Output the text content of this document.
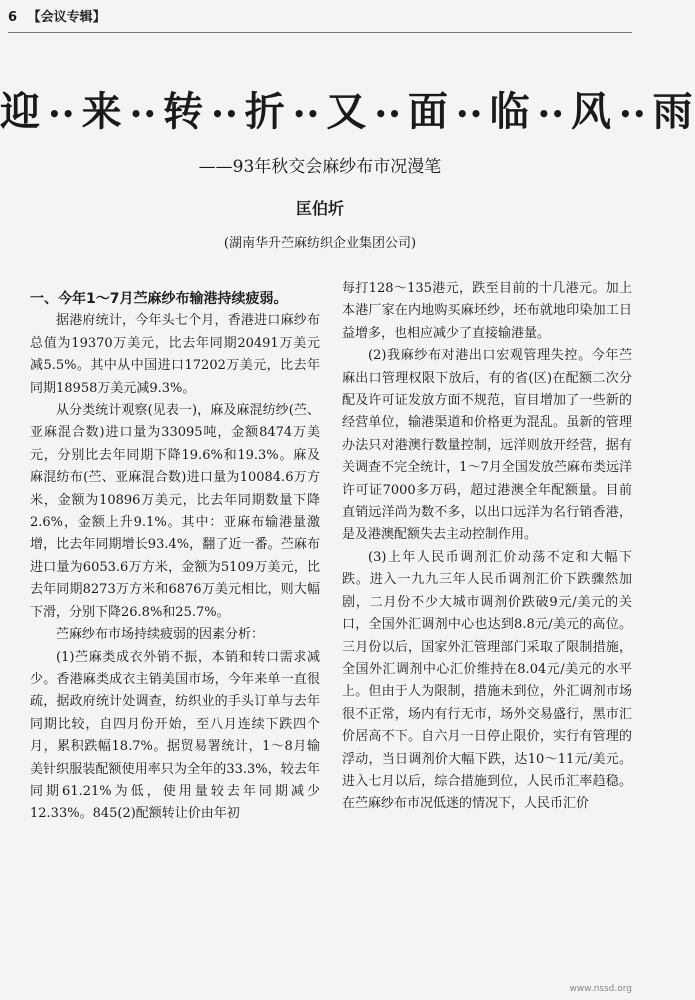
6 【会议专辑】
迎 •• 来 •• 转 •• 折 •• 又 •• 面 •• 临 •• 风 •• 雨
——93年秋交会麻纱布市况漫笔
匡伯圻
(湖南华升苎麻纺织企业集团公司)

一、今年1～7月苎麻纱布输港持续疲弱。

据港府统计，今年头七个月，香港进口麻纱布总值为19370万美元，比去年同期20491万美元减5.5%。其中从中国进口17202万美元，比去年同期18958万美元减9.3%。

从分类统计观察(见表一)，麻及麻混纺纱(苎、亚麻混合数)进口量为33095吨，金额8474万美元，分别比去年同期下降19.6%和19.3%。麻及麻混纺布(苎、亚麻混合数)进口量为10084.6万方米，金额为10896万美元，比去年同期数量下降2.6%，金额上升9.1%。其中：亚麻布输港量激增，比去年同期增长93.4%，翻了近一番。苎麻布进口量为6053.6万方米，金额为5109万美元，比去年同期8273万方米和6876万美元相比，则大幅下滑，分别下降26.8%和25.7%。

苎麻纱布市场持续疲弱的因素分析：

(1)苎麻类成衣外销不振，本销和转口需求减少。香港麻类成衣主销美国市场，今年来单一直很疏，据政府统计处调查，纺织业的手头订单与去年同期比较，自四月份开始，至八月连续下跌四个月，累积跌幅18.7%。据贸易署统计，1～8月输美针织服装配额使用率只为全年的33.3%，较去年同期61.21%为低，使用量较去年同期减少12.33%。845(2)配额转让价由年初

每打128～135港元，跌至目前的十几港元。加上本港厂家在内地购买麻坯纱，坯布就地印染加工日益增多，也相应减少了直接输港量。

(2)我麻纱布对港出口宏观管理失控。今年苎麻出口管理权限下放后，有的省(区)在配额二次分配及许可证发放方面不规范，盲目增加了一些新的经营单位，输港渠道和价格更为混乱。虽新的管理办法只对港澳行数量控制，远洋则放开经营，据有关调查不完全统计，1～7月全国发放苎麻布类远洋许可证7000多万码，超过港澳全年配额量。目前直销远洋尚为数不多，以出口远洋为名行销香港，是及港澳配额失去主动控制作用。

(3)上年人民币调剂汇价动荡不定和大幅下跌。进入一九九三年人民币调剂汇价下跌骤然加剧，二月份不少大城市调剂价跌破9元/美元的关口，全国外汇调剂中心也达到8.8元/美元的高位。三月份以后，国家外汇管理部门采取了限制措施，全国外汇调剂中心汇价维持在8.04元/美元的水平上。但由于人为限制，措施未到位，外汇调剂市场很不正常，场内有行无市，场外交易盛行，黑市汇价居高不下。自六月一日停止限价，实行有管理的浮动，当日调剂价大幅下跌，达10～11元/美元。进入七月以后，综合措施到位，人民币汇率趋稳。在苎麻纱布市况低迷的情况下，人民币汇价

www.nssd.org
